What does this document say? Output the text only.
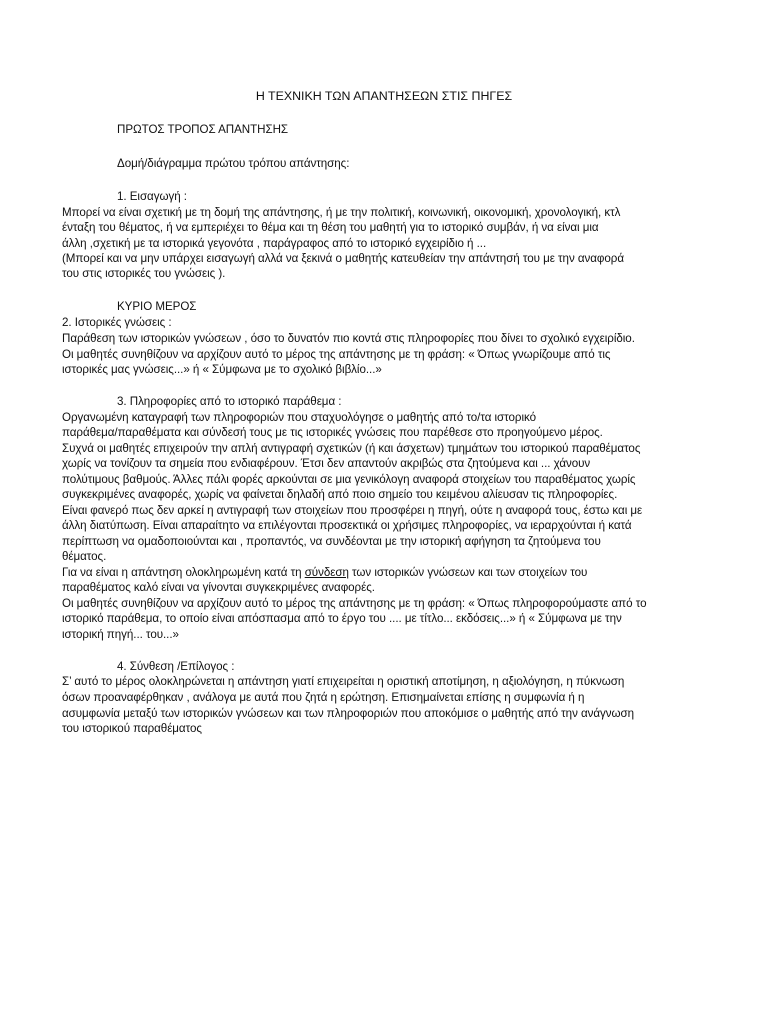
Η ΤΕΧΝΙΚΗ ΤΩΝ ΑΠΑΝΤΗΣΕΩΝ ΣΤΙΣ ΠΗΓΕΣ
ΠΡΩΤΟΣ ΤΡΟΠΟΣ ΑΠΑΝΤΗΣΗΣ
Δομή/διάγραμμα πρώτου τρόπου απάντησης:
1. Εισαγωγή :
Μπορεί να είναι σχετική με τη δομή της απάντησης, ή με την πολιτική, κοινωνική, οικονομική, χρονολογική, κτλ
ένταξη του θέματος, ή να εμπεριέχει το θέμα και τη θέση του μαθητή για το ιστορικό συμβάν, ή να είναι μια
άλλη ,σχετική με τα ιστορικά γεγονότα , παράγραφος από το ιστορικό εγχειρίδιο ή ...
(Μπορεί και να μην υπάρχει εισαγωγή αλλά να ξεκινά ο μαθητής κατευθείαν την απάντησή του με την αναφορά
του στις ιστορικές του γνώσεις ).
ΚΥΡΙΟ ΜΕΡΟΣ
2. Ιστορικές γνώσεις :
Παράθεση των ιστορικών γνώσεων , όσο το δυνατόν πιο κοντά στις πληροφορίες που δίνει το σχολικό εγχειρίδιο.
Οι μαθητές συνηθίζουν να αρχίζουν αυτό το μέρος της απάντησης με τη φράση: « Όπως γνωρίζουμε από τις
ιστορικές μας γνώσεις...» ή « Σύμφωνα με το σχολικό βιβλίο...»
3. Πληροφορίες από το ιστορικό παράθεμα :
Οργανωμένη καταγραφή των πληροφοριών που σταχυολόγησε ο μαθητής από το/τα ιστορικό
παράθεμα/παραθέματα και σύνδεσή τους με τις ιστορικές γνώσεις που παρέθεσε στο προηγούμενο μέρος.
Συχνά οι μαθητές επιχειρούν την απλή αντιγραφή σχετικών (ή και άσχετων) τμημάτων του ιστορικού παραθέματος
χωρίς να τονίζουν τα σημεία που ενδιαφέρουν. Έτσι δεν απαντούν ακριβώς στα ζητούμενα και ... χάνουν
πολύτιμους βαθμούς. Άλλες πάλι φορές αρκούνται σε μια γενικόλογη αναφορά στοιχείων του παραθέματος χωρίς
συγκεκριμένες αναφορές, χωρίς να φαίνεται δηλαδή από ποιο σημείο του κειμένου αλίευσαν τις πληροφορίες.
Είναι φανερό πως δεν αρκεί η αντιγραφή των στοιχείων που προσφέρει η πηγή, ούτε η αναφορά τους, έστω και με
άλλη διατύπωση. Είναι απαραίτητο να επιλέγονται προσεκτικά οι χρήσιμες πληροφορίες, να ιεραρχούνται ή κατά
περίπτωση να ομαδοποιούνται και , προπαντός, να συνδέονται με την ιστορική αφήγηση τα ζητούμενα του
θέματος.
Για να είναι η απάντηση ολοκληρωμένη κατά τη σύνδεση των ιστορικών γνώσεων και των στοιχείων του
παραθέματος καλό είναι να γίνονται συγκεκριμένες αναφορές.
Οι μαθητές συνηθίζουν να αρχίζουν αυτό το μέρος της απάντησης με τη φράση: « Όπως πληροφορούμαστε από το
ιστορικό παράθεμα, το οποίο είναι απόσπασμα από το έργο του .... με τίτλο... εκδόσεις...» ή « Σύμφωνα με την
ιστορική πηγή... του...»
4. Σύνθεση /Επίλογος :
Σ’ αυτό το μέρος ολοκληρώνεται η απάντηση γιατί επιχειρείται η οριστική αποτίμηση, η αξιολόγηση, η πύκνωση
όσων προαναφέρθηκαν , ανάλογα με αυτά που ζητά η ερώτηση. Επισημαίνεται επίσης η συμφωνία ή η
ασυμφωνία μεταξύ των ιστορικών γνώσεων και των πληροφοριών που αποκόμισε ο μαθητής από την ανάγνωση
του ιστορικού παραθέματος
